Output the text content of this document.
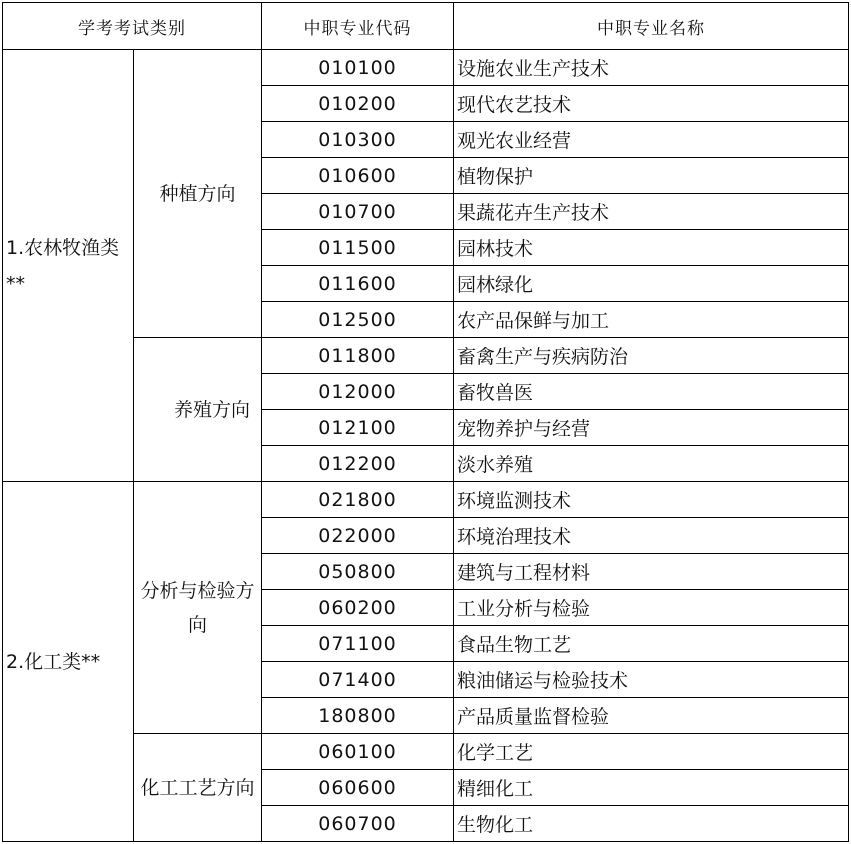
学考考试类别		中职专业代码	中职专业名称
1.农林牧渔类**	种植方向	010100	设施农业生产技术
		010200	现代农艺技术
		010300	观光农业经营
		010600	植物保护
		010700	果蔬花卉生产技术
		011500	园林技术
		011600	园林绿化
		012500	农产品保鲜与加工
	养殖方向	011800	畜禽生产与疾病防治
		012000	畜牧兽医
		012100	宠物养护与经营
		012200	淡水养殖
2.化工类**	分析与检验方向	021800	环境监测技术
		022000	环境治理技术
		050800	建筑与工程材料
		060200	工业分析与检验
		071100	食品生物工艺
		071400	粮油储运与检验技术
		180800	产品质量监督检验
	化工工艺方向	060100	化学工艺
		060600	精细化工
		060700	生物化工
